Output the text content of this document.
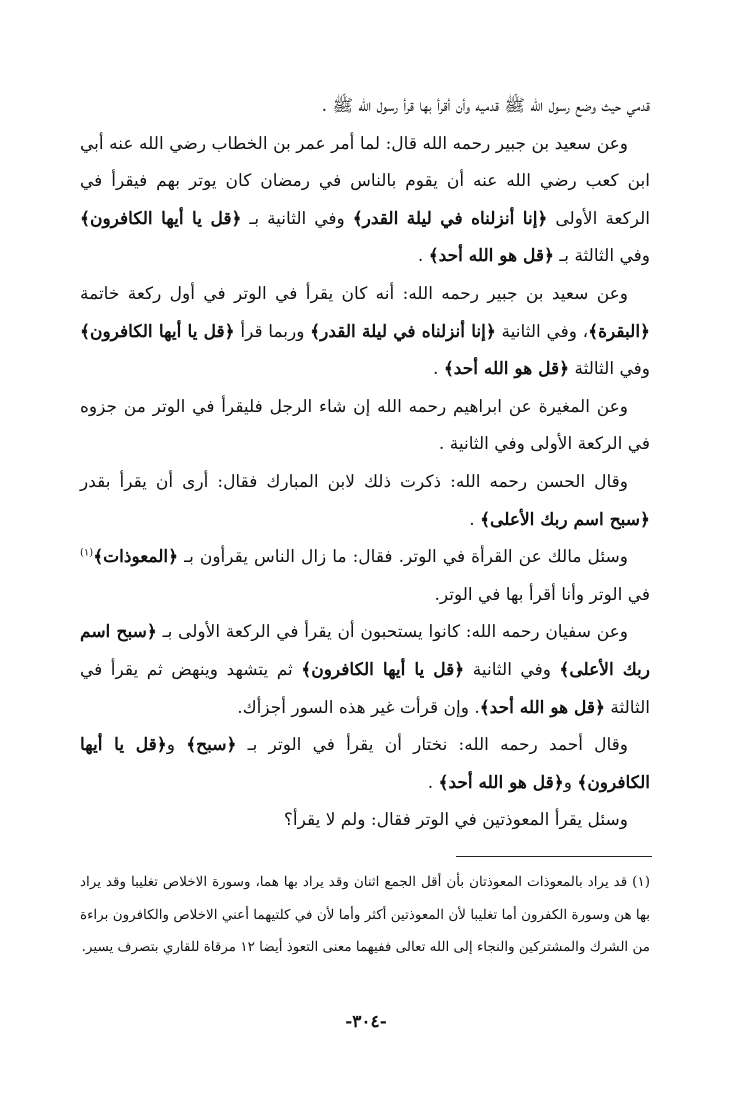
قدمي حيث وضع رسول الله ﷺ قدميه وأن أقرأ بها قرأ رسول الله ﷺ .

وعن سعيد بن جبير رحمه الله قال: لما أمر عمر بن الخطاب رضي الله عنه أبي ابن كعب رضي الله عنه أن يقوم بالناس في رمضان كان يوتر بهم فيقرأ في الركعة الأولى ﴿إنا أنزلناه في ليلة القدر﴾ وفي الثانية بـ ﴿قل يا أيها الكافرون﴾ وفي الثالثة بـ ﴿قل هو الله أحد﴾ .

وعن سعيد بن جبير رحمه الله: أنه كان يقرأ في الوتر في أول ركعة خاتمة ﴿البقرة﴾، وفي الثانية ﴿إنا أنزلناه في ليلة القدر﴾ وربما قرأ ﴿قل يا أيها الكافرون﴾ وفي الثالثة ﴿قل هو الله أحد﴾ .

وعن المغيرة عن ابراهيم رحمه الله إن شاء الرجل فليقرأ في الوتر من جزوه في الركعة الأولى وفي الثانية .

وقال الحسن رحمه الله: ذكرت ذلك لابن المبارك فقال: أرى أن يقرأ بقدر ﴿سبح اسم ربك الأعلى﴾ .

وسئل مالك عن القرأة في الوتر. فقال: ما زال الناس يقرأون بـ ﴿المعوذات﴾$^{(١)}$ في الوتر وأنا أقرأ بها في الوتر.

وعن سفيان رحمه الله: كانوا يستحبون أن يقرأ في الركعة الأولى بـ ﴿سبح اسم ربك الأعلى﴾ وفي الثانية ﴿قل يا أيها الكافرون﴾ ثم يتشهد وينهض ثم يقرأ في الثالثة ﴿قل هو الله أحد﴾. وإن قرأت غير هذه السور أجزأك.

وقال أحمد رحمه الله: نختار أن يقرأ في الوتر بـ ﴿سبح﴾ و﴿قل يا أيها الكافرون﴾ و﴿قل هو الله أحد﴾ .

وسئل يقرأ المعوذتين في الوتر فقال: ولم لا يقرأ؟

(١) قد يراد بالمعوذات المعوذتان بأن أقل الجمع اثنان وقد يراد بها هما، وسورة الاخلاص تغليبا وقد يراد بها هن وسورة الكفرون أما تغليبا لأن المعوذتين أكثر وأما لأن في كلتيهما أعني الاخلاص والكافرون براءة من الشرك والمشتركين والنجاء إلى الله تعالى ففيهما معنى التعوذ أيضا ١٢ مرقاة للقاري بتصرف يسير.

-٣٠٤-
